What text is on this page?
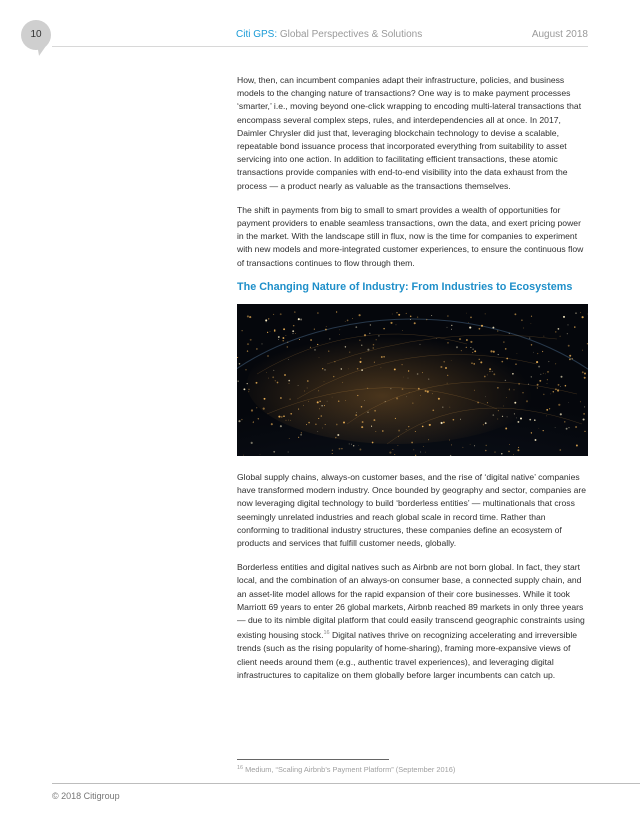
10	Citi GPS: Global Perspectives & Solutions	August 2018

How, then, can incumbent companies adapt their infrastructure, policies, and business models to the changing nature of transactions? One way is to make payment processes ‘smarter,’ i.e., moving beyond one-click wrapping to encoding multi-lateral transactions that encompass several complex steps, rules, and interdependencies all at once. In 2017, Daimler Chrysler did just that, leveraging blockchain technology to devise a scalable, repeatable bond issuance process that incorporated everything from suitability to asset servicing into one action. In addition to facilitating efficient transactions, these atomic transactions provide companies with end-to-end visibility into the data exhaust from the process — a product nearly as valuable as the transactions themselves.

The shift in payments from big to small to smart provides a wealth of opportunities for payment providers to enable seamless transactions, own the data, and exert pricing power in the market. With the landscape still in flux, now is the time for companies to experiment with new models and more-integrated customer experiences, to ensure the continuous flow of transactions continues to flow through them.

The Changing Nature of Industry: From Industries to Ecosystems

Global supply chains, always-on customer bases, and the rise of ‘digital native’ companies have transformed modern industry. Once bounded by geography and sector, companies are now leveraging digital technology to build ‘borderless entities’ — multinationals that cross seemingly unrelated industries and reach global scale in record time. Rather than conforming to traditional industry structures, these companies define an ecosystem of products and services that fulfill customer needs, globally.

Borderless entities and digital natives such as Airbnb are not born global. In fact, they start local, and the combination of an always-on consumer base, a connected supply chain, and an asset-lite model allows for the rapid expansion of their core businesses. While it took Marriott 69 years to enter 26 global markets, Airbnb reached 89 markets in only three years — due to its nimble digital platform that could easily transcend geographic constraints using existing housing stock.$^{16}$ Digital natives thrive on recognizing accelerating and irreversible trends (such as the rising popularity of home-sharing), framing more-expansive views of client needs around them (e.g., authentic travel experiences), and leveraging digital infrastructures to capitalize on them globally before larger incumbents can catch up.

$^{16}$ Medium, “Scaling Airbnb’s Payment Platform” (September 2016)
© 2018 Citigroup
